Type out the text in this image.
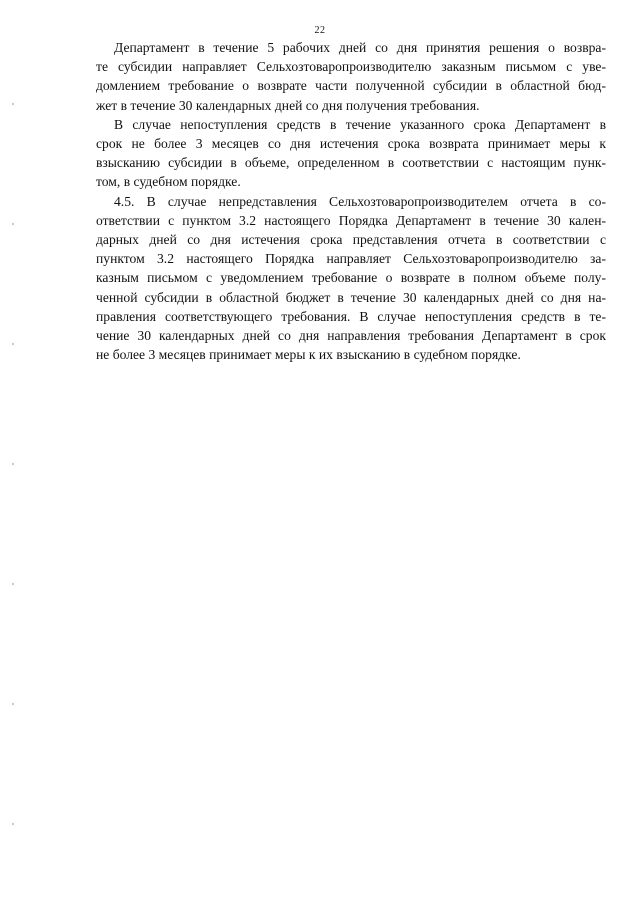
22
Департамент в течение 5 рабочих дней со дня принятия решения о возвра-
те субсидии направляет Сельхозтоваропроизводителю заказным письмом с уве-
домлением требование о возврате части полученной субсидии в областной бюд-
жет в течение 30 календарных дней со дня получения требования.
В случае непоступления средств в течение указанного срока Департамент в
срок не более 3 месяцев со дня истечения срока возврата принимает меры к
взысканию субсидии в объеме, определенном в соответствии с настоящим пунк-
том, в судебном порядке.
4.5. В случае непредставления Сельхозтоваропроизводителем отчета в со-
ответствии с пунктом 3.2 настоящего Порядка Департамент в течение 30 кален-
дарных дней со дня истечения срока представления отчета в соответствии с
пунктом 3.2 настоящего Порядка направляет Сельхозтоваропроизводителю за-
казным письмом с уведомлением требование о возврате в полном объеме полу-
ченной субсидии в областной бюджет в течение 30 календарных дней со дня на-
правления соответствующего требования. В случае непоступления средств в те-
чение 30 календарных дней со дня направления требования Департамент в срок
не более 3 месяцев принимает меры к их взысканию в судебном порядке.
